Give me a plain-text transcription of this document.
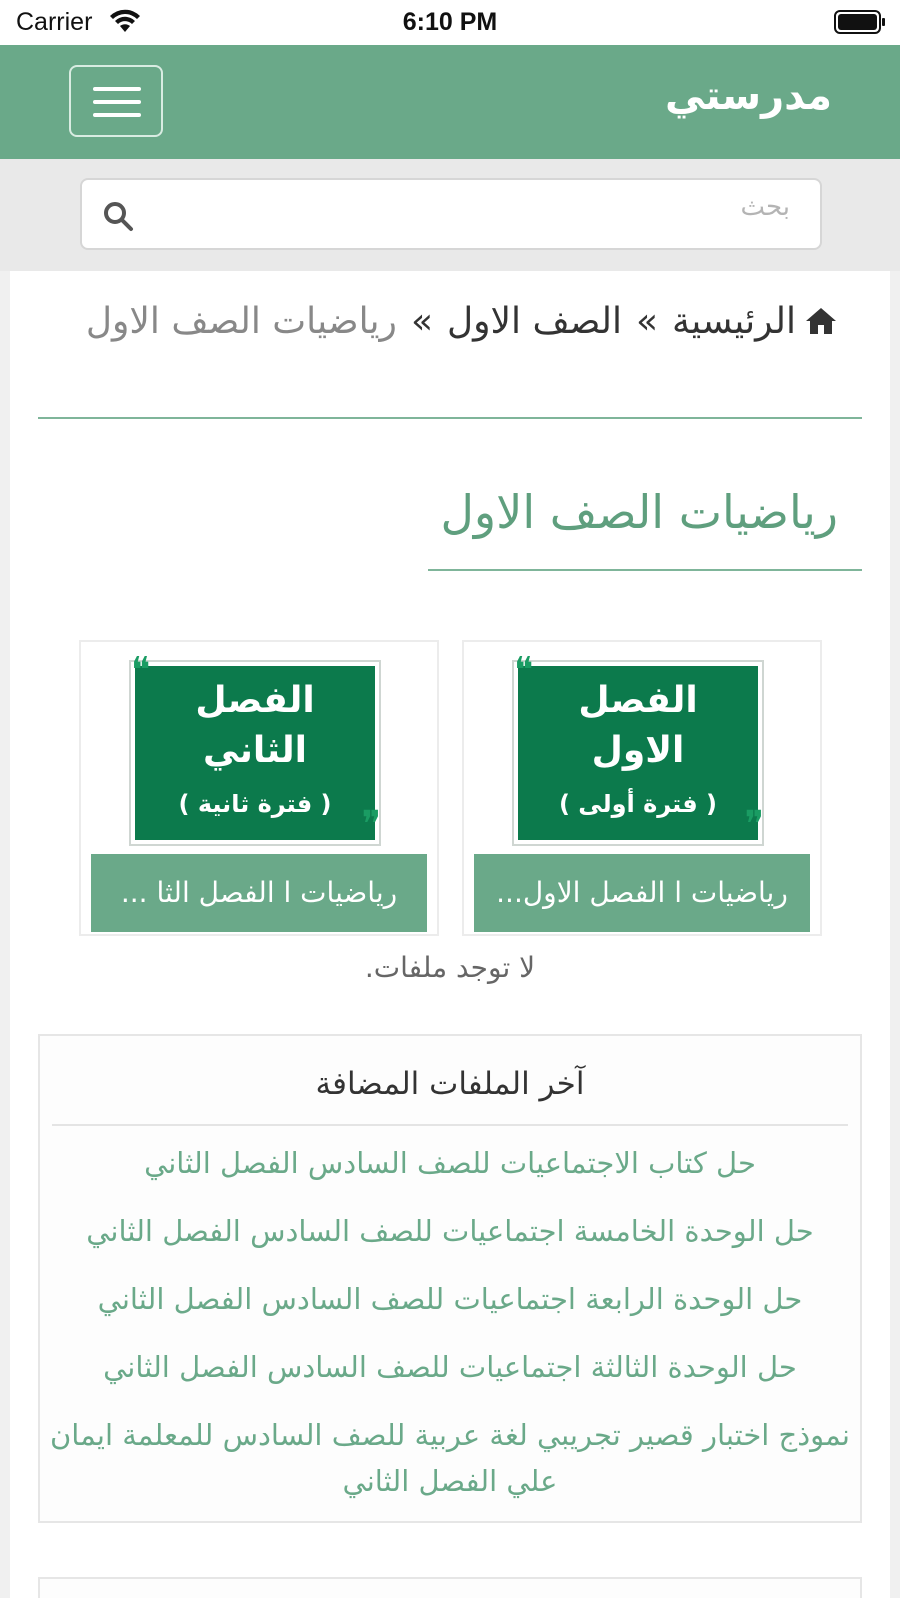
Carrier	6:10 PM
مدرستي
بحث
الرئيسية»الصف الاول»رياضيات الصف الاول
رياضيات الصف الاول
الفصل
الاول
( فترة أولى )
❝
❞
رياضيات ا الفصل الاول...
الفصل
الثاني
( فترة ثانية )
❝
❞
رياضيات ا الفصل الثا ...
لا توجد ملفات.
آخر الملفات المضافة
حل كتاب الاجتماعيات للصف السادس الفصل الثاني
حل الوحدة الخامسة اجتماعيات للصف السادس الفصل الثاني
حل الوحدة الرابعة اجتماعيات للصف السادس الفصل الثاني
حل الوحدة الثالثة اجتماعيات للصف السادس الفصل الثاني
نموذج اختبار قصير تجريبي لغة عربية للصف السادس للمعلمة ايمان علي الفصل الثاني
